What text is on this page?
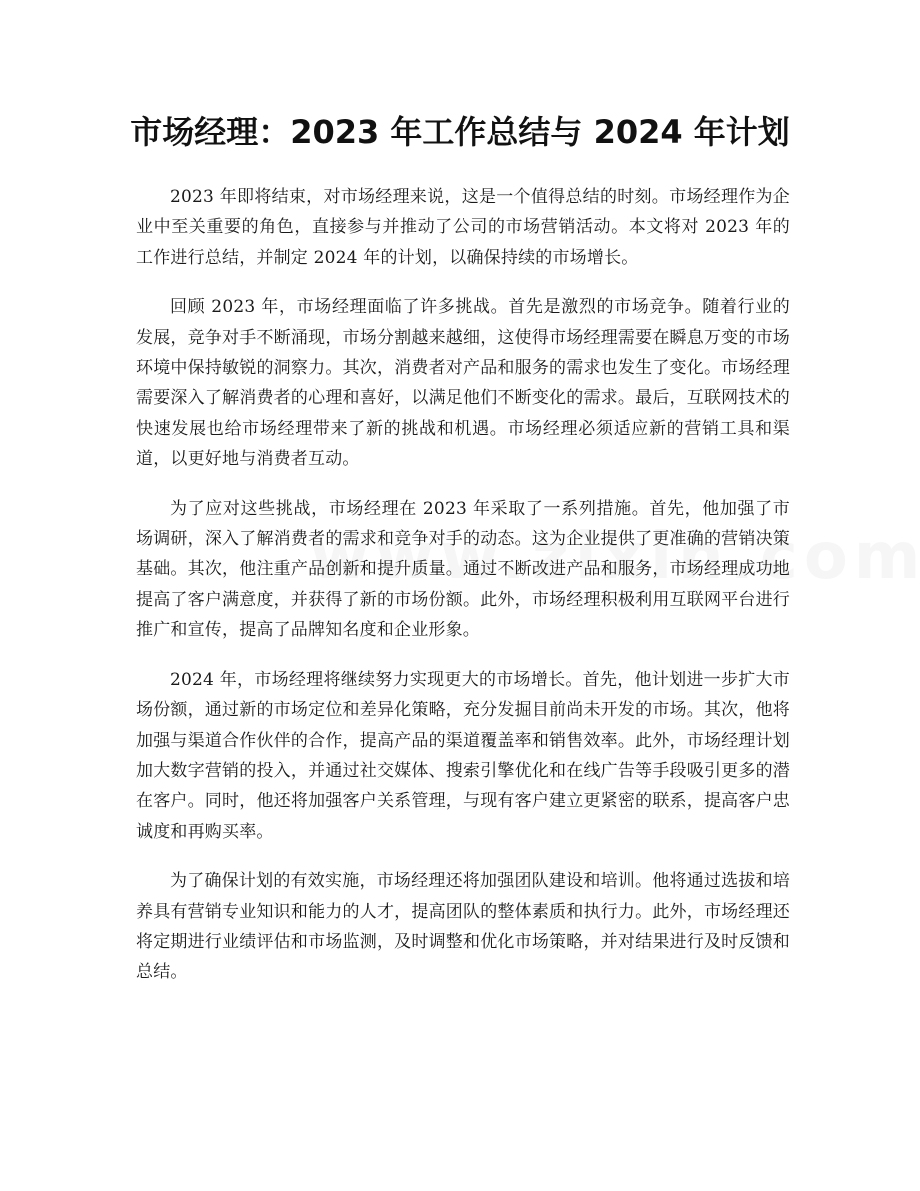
市场经理：2023 年工作总结与 2024 年计划

2023 年即将结束，对市场经理来说，这是一个值得总结的时刻。市场经理作为企业中至关重要的角色，直接参与并推动了公司的市场营销活动。本文将对 2023 年的工作进行总结，并制定 2024 年的计划，以确保持续的市场增长。

回顾 2023 年，市场经理面临了许多挑战。首先是激烈的市场竞争。随着行业的发展，竞争对手不断涌现，市场分割越来越细，这使得市场经理需要在瞬息万变的市场环境中保持敏锐的洞察力。其次，消费者对产品和服务的需求也发生了变化。市场经理需要深入了解消费者的心理和喜好，以满足他们不断变化的需求。最后，互联网技术的快速发展也给市场经理带来了新的挑战和机遇。市场经理必须适应新的营销工具和渠道，以更好地与消费者互动。

为了应对这些挑战，市场经理在 2023 年采取了一系列措施。首先，他加强了市场调研，深入了解消费者的需求和竞争对手的动态。这为企业提供了更准确的营销决策基础。其次，他注重产品创新和提升质量。通过不断改进产品和服务，市场经理成功地提高了客户满意度，并获得了新的市场份额。此外，市场经理积极利用互联网平台进行推广和宣传，提高了品牌知名度和企业形象。

2024 年，市场经理将继续努力实现更大的市场增长。首先，他计划进一步扩大市场份额，通过新的市场定位和差异化策略，充分发掘目前尚未开发的市场。其次，他将加强与渠道合作伙伴的合作，提高产品的渠道覆盖率和销售效率。此外，市场经理计划加大数字营销的投入，并通过社交媒体、搜索引擎优化和在线广告等手段吸引更多的潜在客户。同时，他还将加强客户关系管理，与现有客户建立更紧密的联系，提高客户忠诚度和再购买率。

为了确保计划的有效实施，市场经理还将加强团队建设和培训。他将通过选拔和培养具有营销专业知识和能力的人才，提高团队的整体素质和执行力。此外，市场经理还将定期进行业绩评估和市场监测，及时调整和优化市场策略，并对结果进行及时反馈和总结。
